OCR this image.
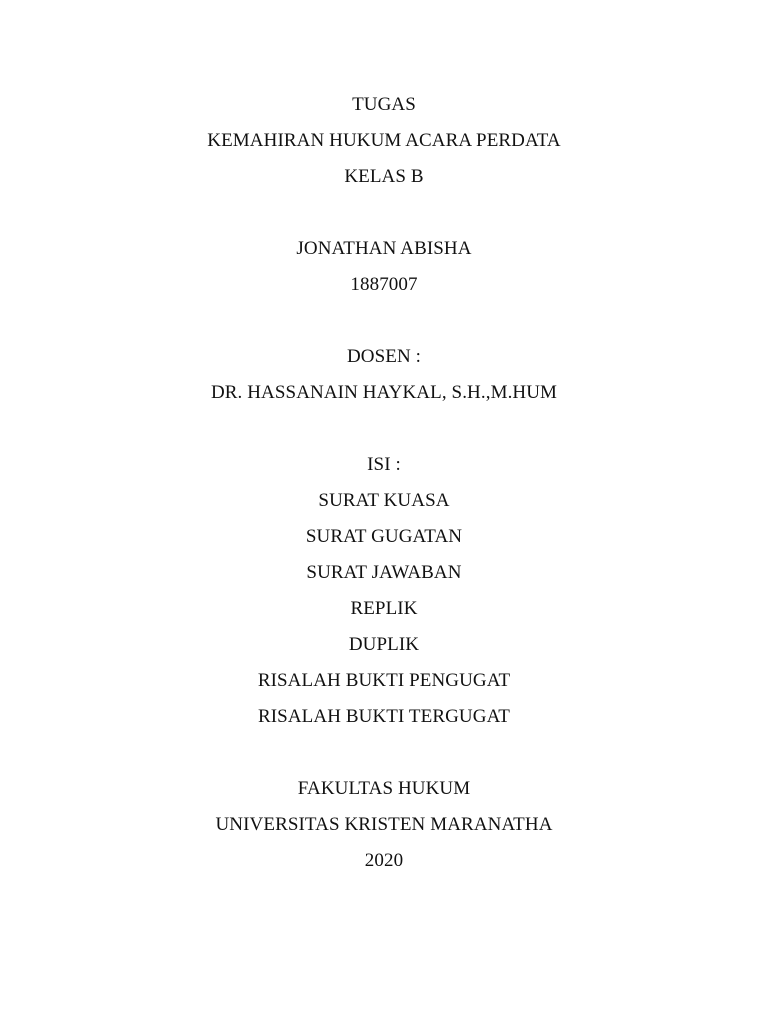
TUGAS
KEMAHIRAN HUKUM ACARA PERDATA
KELAS B
JONATHAN ABISHA
1887007
DOSEN :
DR. HASSANAIN HAYKAL, S.H.,M.HUM
ISI :
SURAT KUASA
SURAT GUGATAN
SURAT JAWABAN
REPLIK
DUPLIK
RISALAH BUKTI PENGUGAT
RISALAH BUKTI TERGUGAT
FAKULTAS HUKUM
UNIVERSITAS KRISTEN MARANATHA
2020
